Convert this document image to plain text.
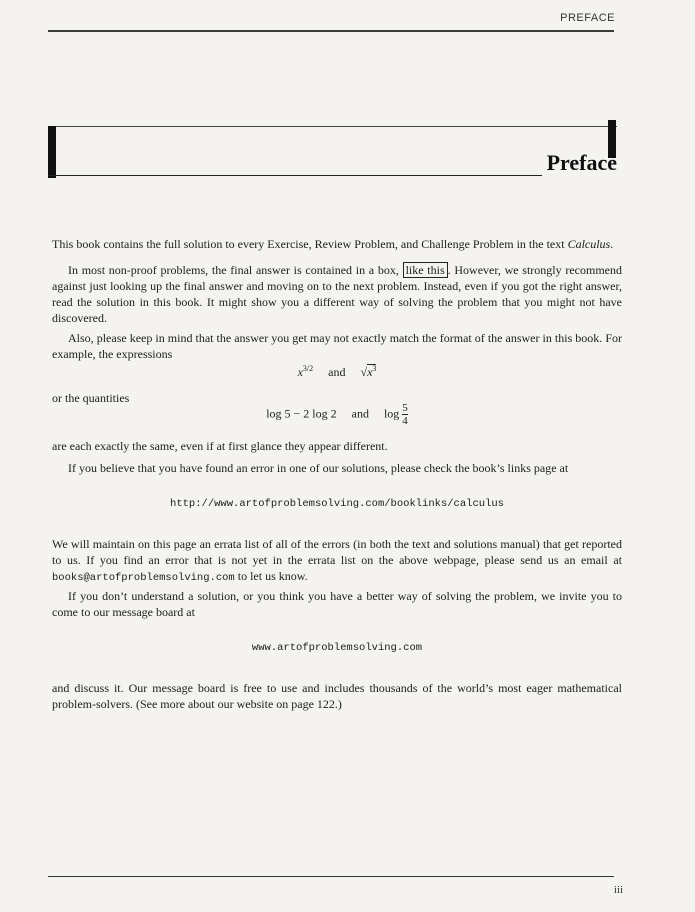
PREFACE
Preface
This book contains the full solution to every Exercise, Review Problem, and Challenge Problem in the text Calculus.
In most non-proof problems, the final answer is contained in a box, like this . However, we strongly recommend against just looking up the final answer and moving on to the next problem. Instead, even if you got the right answer, read the solution in this book. It might show you a different way of solving the problem that you might not have discovered.
Also, please keep in mind that the answer you get may not exactly match the format of the answer in this book. For example, the expressions
$x^{3/2}$ and $√x^3$
or the quantities
log 5 − 2 log 2 and $\log \frac{5}{4}$
are each exactly the same, even if at first glance they appear different.
If you believe that you have found an error in one of our solutions, please check the book’s links page at
http://www.artofproblemsolving.com/booklinks/calculus
We will maintain on this page an errata list of all of the errors (in both the text and solutions manual) that get reported to us. If you find an error that is not yet in the errata list on the above webpage, please send us an email at books@artofproblemsolving.com to let us know.
If you don’t understand a solution, or you think you have a better way of solving the problem, we invite you to come to our message board at
www.artofproblemsolving.com
and discuss it. Our message board is free to use and includes thousands of the world’s most eager mathematical problem-solvers. (See more about our website on page 122.)
iii
